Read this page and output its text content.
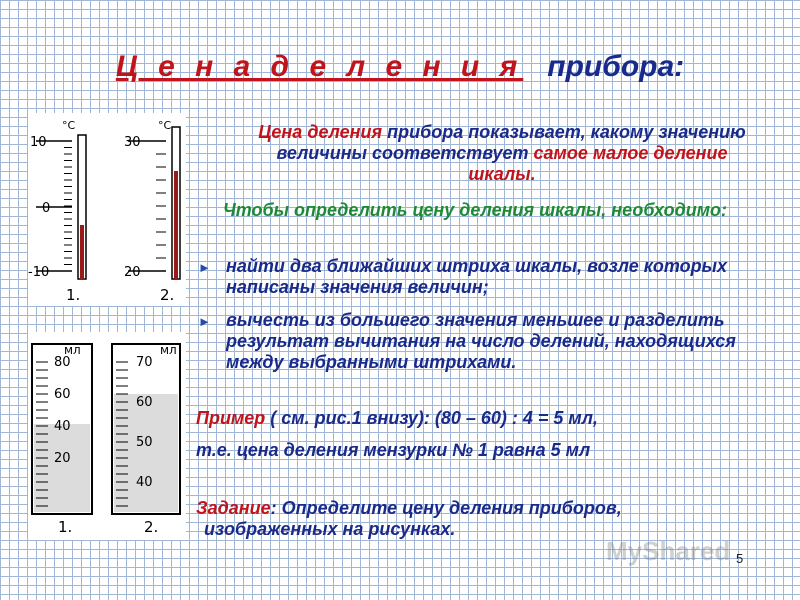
Ц е н а д е л е н и я прибора:
°C
10
0
-10
1.
°C
30
20
2.
мл
80
60
40
20
1.
мл
70
60
50
40
2.
Цена деления прибора показывает, какому значению величины соответствует самое малое деление шкалы.
Чтобы определить цену деления шкалы, необходимо:
► найти два ближайших штриха шкалы, возле которых написаны значения величин;
► вычесть из большего значения меньшее и разделить результат вычитания на число делений, находящихся между выбранными штрихами.
Пример ( см. рис.1 внизу): (80 – 60) : 4 = 5 мл,
т.е. цена деления мензурки № 1 равна 5 мл
Задание: Определите цену деления приборов,
изображенных на рисунках.
MyShared 5
